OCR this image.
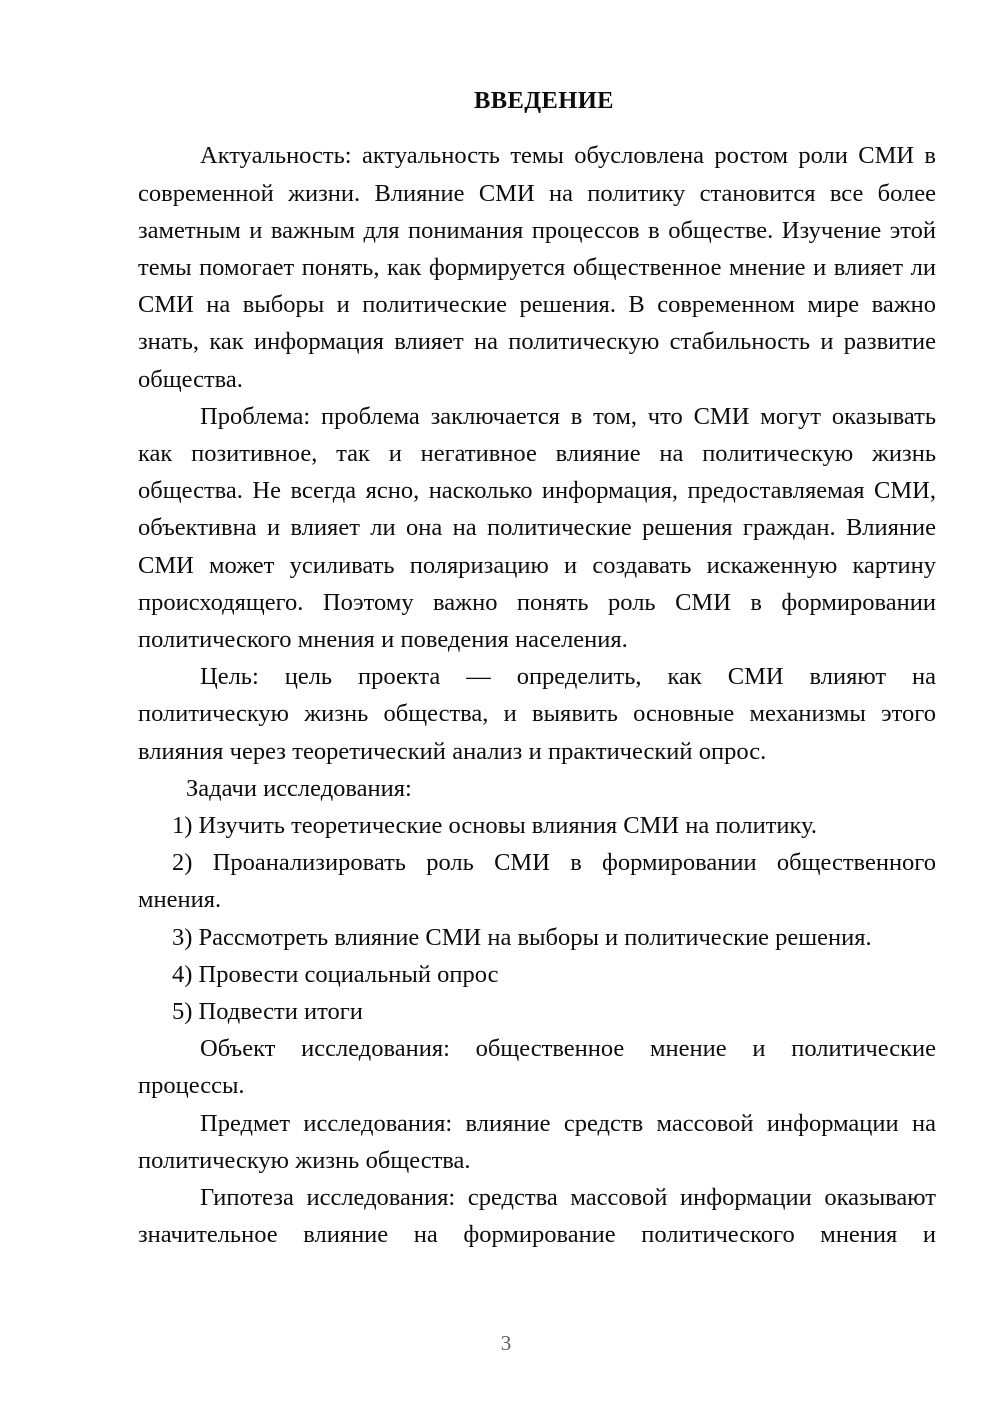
ВВЕДЕНИЕ

Актуальность: актуальность темы обусловлена ростом роли СМИ в современной жизни. Влияние СМИ на политику становится все более заметным и важным для понимания процессов в обществе. Изучение этой темы помогает понять, как формируется общественное мнение и влияет ли СМИ на выборы и политические решения. В современном мире важно знать, как информация влияет на политическую стабильность и развитие общества.

Проблема: проблема заключается в том, что СМИ могут оказывать как позитивное, так и негативное влияние на политическую жизнь общества. Не всегда ясно, насколько информация, предоставляемая СМИ, объективна и влияет ли она на политические решения граждан. Влияние СМИ может усиливать поляризацию и создавать искаженную картину происходящего. Поэтому важно понять роль СМИ в формировании политического мнения и поведения населения.

Цель: цель проекта — определить, как СМИ влияют на политическую жизнь общества, и выявить основные механизмы этого влияния через теоретический анализ и практический опрос.

Задачи исследования:

1) Изучить теоретические основы влияния СМИ на политику.
2) Проанализировать роль СМИ в формировании общественного мнения.
3) Рассмотреть влияние СМИ на выборы и политические решения.
4) Провести социальный опрос
5) Подвести итоги

Объект исследования: общественное мнение и политические процессы.

Предмет исследования: влияние средств массовой информации на политическую жизнь общества.

Гипотеза исследования: средства массовой информации оказывают значительное влияние на формирование политического мнения и

3
